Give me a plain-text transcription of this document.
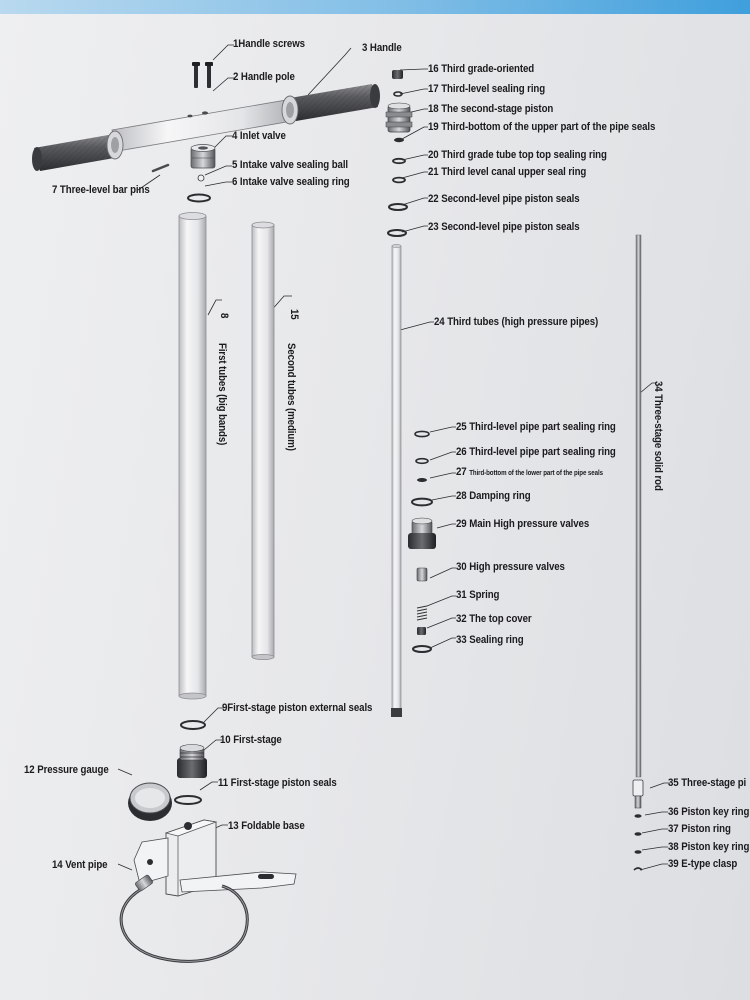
1Handle screws
2 Handle pole
3 Handle
4 Inlet valve
5 Intake valve sealing ball
6 Intake valve sealing ring
7 Three-level bar pins
8
First tubes (big bands)
9First-stage piston external seals
10 First-stage
11 First-stage piston seals
12 Pressure gauge
13 Foldable base
14 Vent pipe
15
Second tubes (medium)
16 Third grade-oriented
17 Third-level sealing ring
18 The second-stage piston
19 Third-bottom of the upper part of the pipe seals
20 Third grade tube top top sealing ring
21 Third level canal upper seal ring
22 Second-level pipe piston seals
23 Second-level pipe piston seals
24 Third tubes (high pressure pipes)
25 Third-level pipe part sealing ring
26 Third-level pipe part sealing ring
27 Third-bottom of the lower part of the pipe seals
28 Damping ring
29 Main High pressure valves
30 High pressure valves
31 Spring
32 The top cover
33 Sealing ring
34 Three-stage solid rod
35 Three-stage pi
36 Piston key ring
37 Piston ring
38 Piston key ring
39 E-type clasp
